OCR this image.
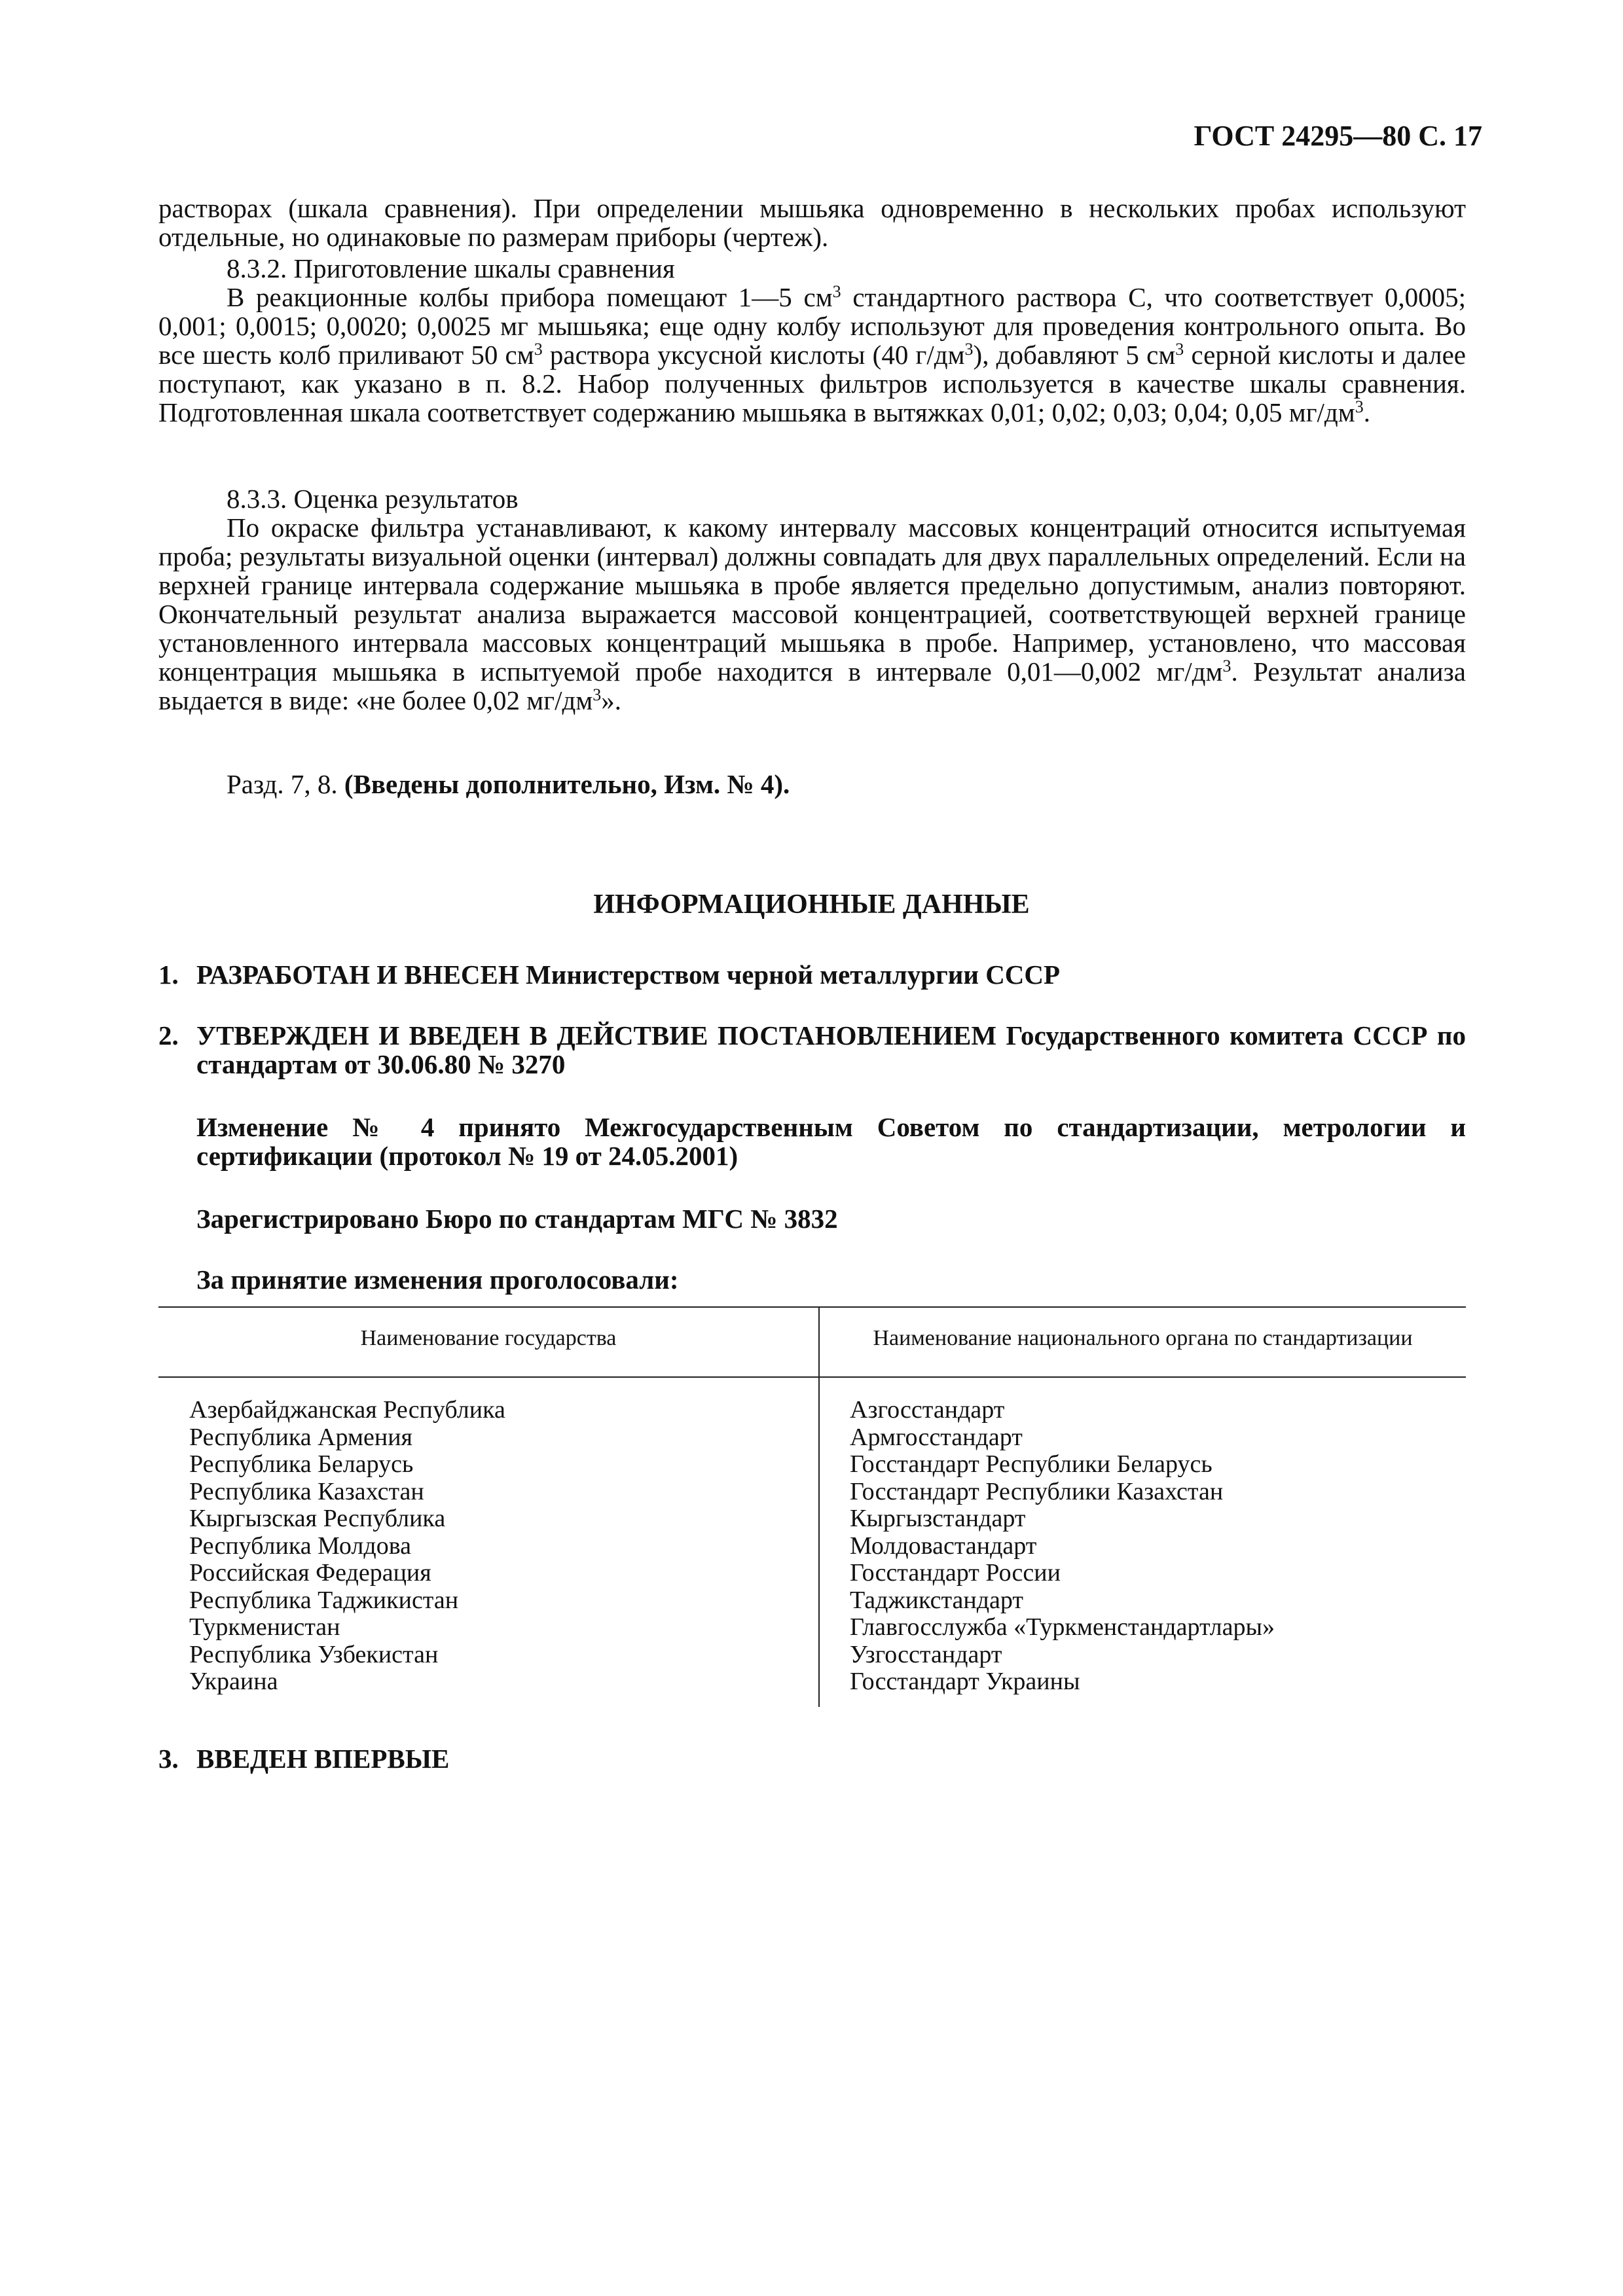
ГОСТ 24295—80 С. 17

растворах (шкала сравнения). При определении мышьяка одновременно в нескольких пробах используют отдельные, но одинаковые по размерам приборы (чертеж).

8.3.2. Приготовление шкалы сравнения

В реакционные колбы прибора помещают 1—5 $см^3$ стандартного раствора С, что соответствует 0,0005; 0,001; 0,0015; 0,0020; 0,0025 мг мышьяка; еще одну колбу используют для проведения контрольного опыта. Во все шесть колб приливают 50 $см^3$ раствора уксусной кислоты (40 $г/дм^3$), добавляют 5 $см^3$ серной кислоты и далее поступают, как указано в п. 8.2. Набор полученных фильтров используется в качестве шкалы сравнения. Подготовленная шкала соответствует содержанию мышьяка в вытяжках 0,01; 0,02; 0,03; 0,04; 0,05 $мг/дм^3$.

8.3.3. Оценка результатов

По окраске фильтра устанавливают, к какому интервалу массовых концентраций относится испытуемая проба; результаты визуальной оценки (интервал) должны совпадать для двух параллельных определений. Если на верхней границе интервала содержание мышьяка в пробе является предельно допустимым, анализ повторяют. Окончательный результат анализа выражается массовой концентрацией, соответствующей верхней границе установленного интервала массовых концентраций мышьяка в пробе. Например, установлено, что массовая концентрация мышьяка в испытуемой пробе находится в интервале 0,01—0,002 $мг/дм^3$. Результат анализа выдается в виде: «не более 0,02 $мг/дм^3$».

Разд. 7, 8. (Введены дополнительно, Изм. № 4).

ИНФОРМАЦИОННЫЕ ДАННЫЕ

1. РАЗРАБОТАН И ВНЕСЕН Министерством черной металлургии СССР

2. УТВЕРЖДЕН И ВВЕДЕН В ДЕЙСТВИЕ ПОСТАНОВЛЕНИЕМ Государственного комитета СССР по стандартам от 30.06.80 № 3270

Изменение № 4 принято Межгосударственным Советом по стандартизации, метрологии и сертификации (протокол № 19 от 24.05.2001)

Зарегистрировано Бюро по стандартам МГС № 3832

За принятие изменения проголосовали:

Наименование государства	Наименование национального органа по стандартизации
Азербайджанская Республика
Республика Армения
Республика Беларусь
Республика Казахстан
Кыргызская Республика
Республика Молдова
Российская Федерация
Республика Таджикистан
Туркменистан
Республика Узбекистан
Украина
Азгосстандарт
Армгосстандарт
Госстандарт Республики Беларусь
Госстандарт Республики Казахстан
Кыргызстандарт
Молдовастандарт
Госстандарт России
Таджикстандарт
Главгосслужба «Туркменстандартлары»
Узгосстандарт
Госстандарт Украины

3. ВВЕДЕН ВПЕРВЫЕ
